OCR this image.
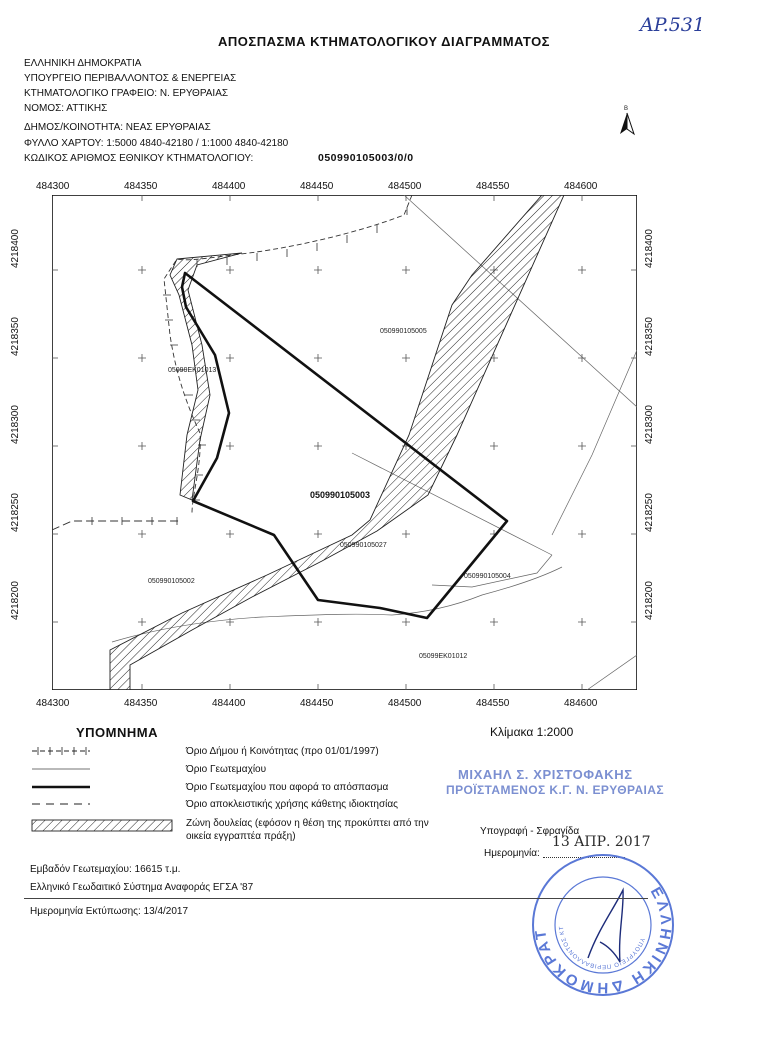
ΑΠΟΣΠΑΣΜΑ ΚΤΗΜΑΤΟΛΟΓΙΚΟΥ ΔΙΑΓΡΑΜΜΑΤΟΣ
AP.531
ΕΛΛΗΝΙΚΗ ΔΗΜΟΚΡΑΤΙΑ
ΥΠΟΥΡΓΕΙΟ ΠΕΡΙΒΑΛΛΟΝΤΟΣ & ΕΝΕΡΓΕΙΑΣ
ΚΤΗΜΑΤΟΛΟΓΙΚΟ ΓΡΑΦΕΙΟ: Ν. ΕΡΥΘΡΑΙΑΣ
ΝΟΜΟΣ: ΑΤΤΙΚΗΣ
ΔΗΜΟΣ/ΚΟΙΝΟΤΗΤΑ: ΝΕΑΣ ΕΡΥΘΡΑΙΑΣ
ΦΥΛΛΟ ΧΑΡΤΟΥ: 1:5000 4840-42180 / 1:1000 4840-42180
ΚΩΔΙΚΟΣ ΑΡΙΘΜΟΣ ΕΘΝΙΚΟΥ ΚΤΗΜΑΤΟΛΟΓΙΟΥ:	050990105003/0/0
B
050990105005
05099EK01013
050990105003
050990105027
050990105004
050990105002
05099EK01012
484300	484350	484400	484450	484500	484550	484600
484300	484350	484400	484450	484500	484550	484600
4218400
4218350
4218300
4218250
4218200
4218400
4218350
4218300
4218250
4218200
ΥΠΟΜΝΗΜΑ	Κλίμακα 1:2000
Όριο Δήμου ή Κοινότητας (προ 01/01/1997)
Όριο Γεωτεμαχίου
Όριο Γεωτεμαχίου που αφορά το απόσπασμα
Όριο αποκλειστικής χρήσης κάθετης ιδιοκτησίας
Ζώνη δουλείας (εφόσον η θέση της προκύπτει από την
οικεία εγγραπτέα πράξη)
ΜΙΧΑΗΛ Σ. ΧΡΙΣΤΟΦΑΚΗΣ
ΠΡΟΪΣΤΑΜΕΝΟΣ Κ.Γ. Ν. ΕΡΥΘΡΑΙΑΣ
Υπογραφή - Σφραγίδα
Ημερομηνία:
13 ΑΠΡ. 2017
ΕΛΛΗΝΙΚΗ ΔΗΜΟΚΡΑΤ	ΥΠΟΥΡΓΕΙΟ ΠΕΡΙΒΑΛΛΟΝΤΟΣ ΚΤ
Εμβαδόν Γεωτεμαχίου: 16615 τ.μ.
Ελληνικό Γεωδαιτικό Σύστημα Αναφοράς ΕΓΣΑ '87
Ημερομηνία Εκτύπωσης: 13/4/2017
